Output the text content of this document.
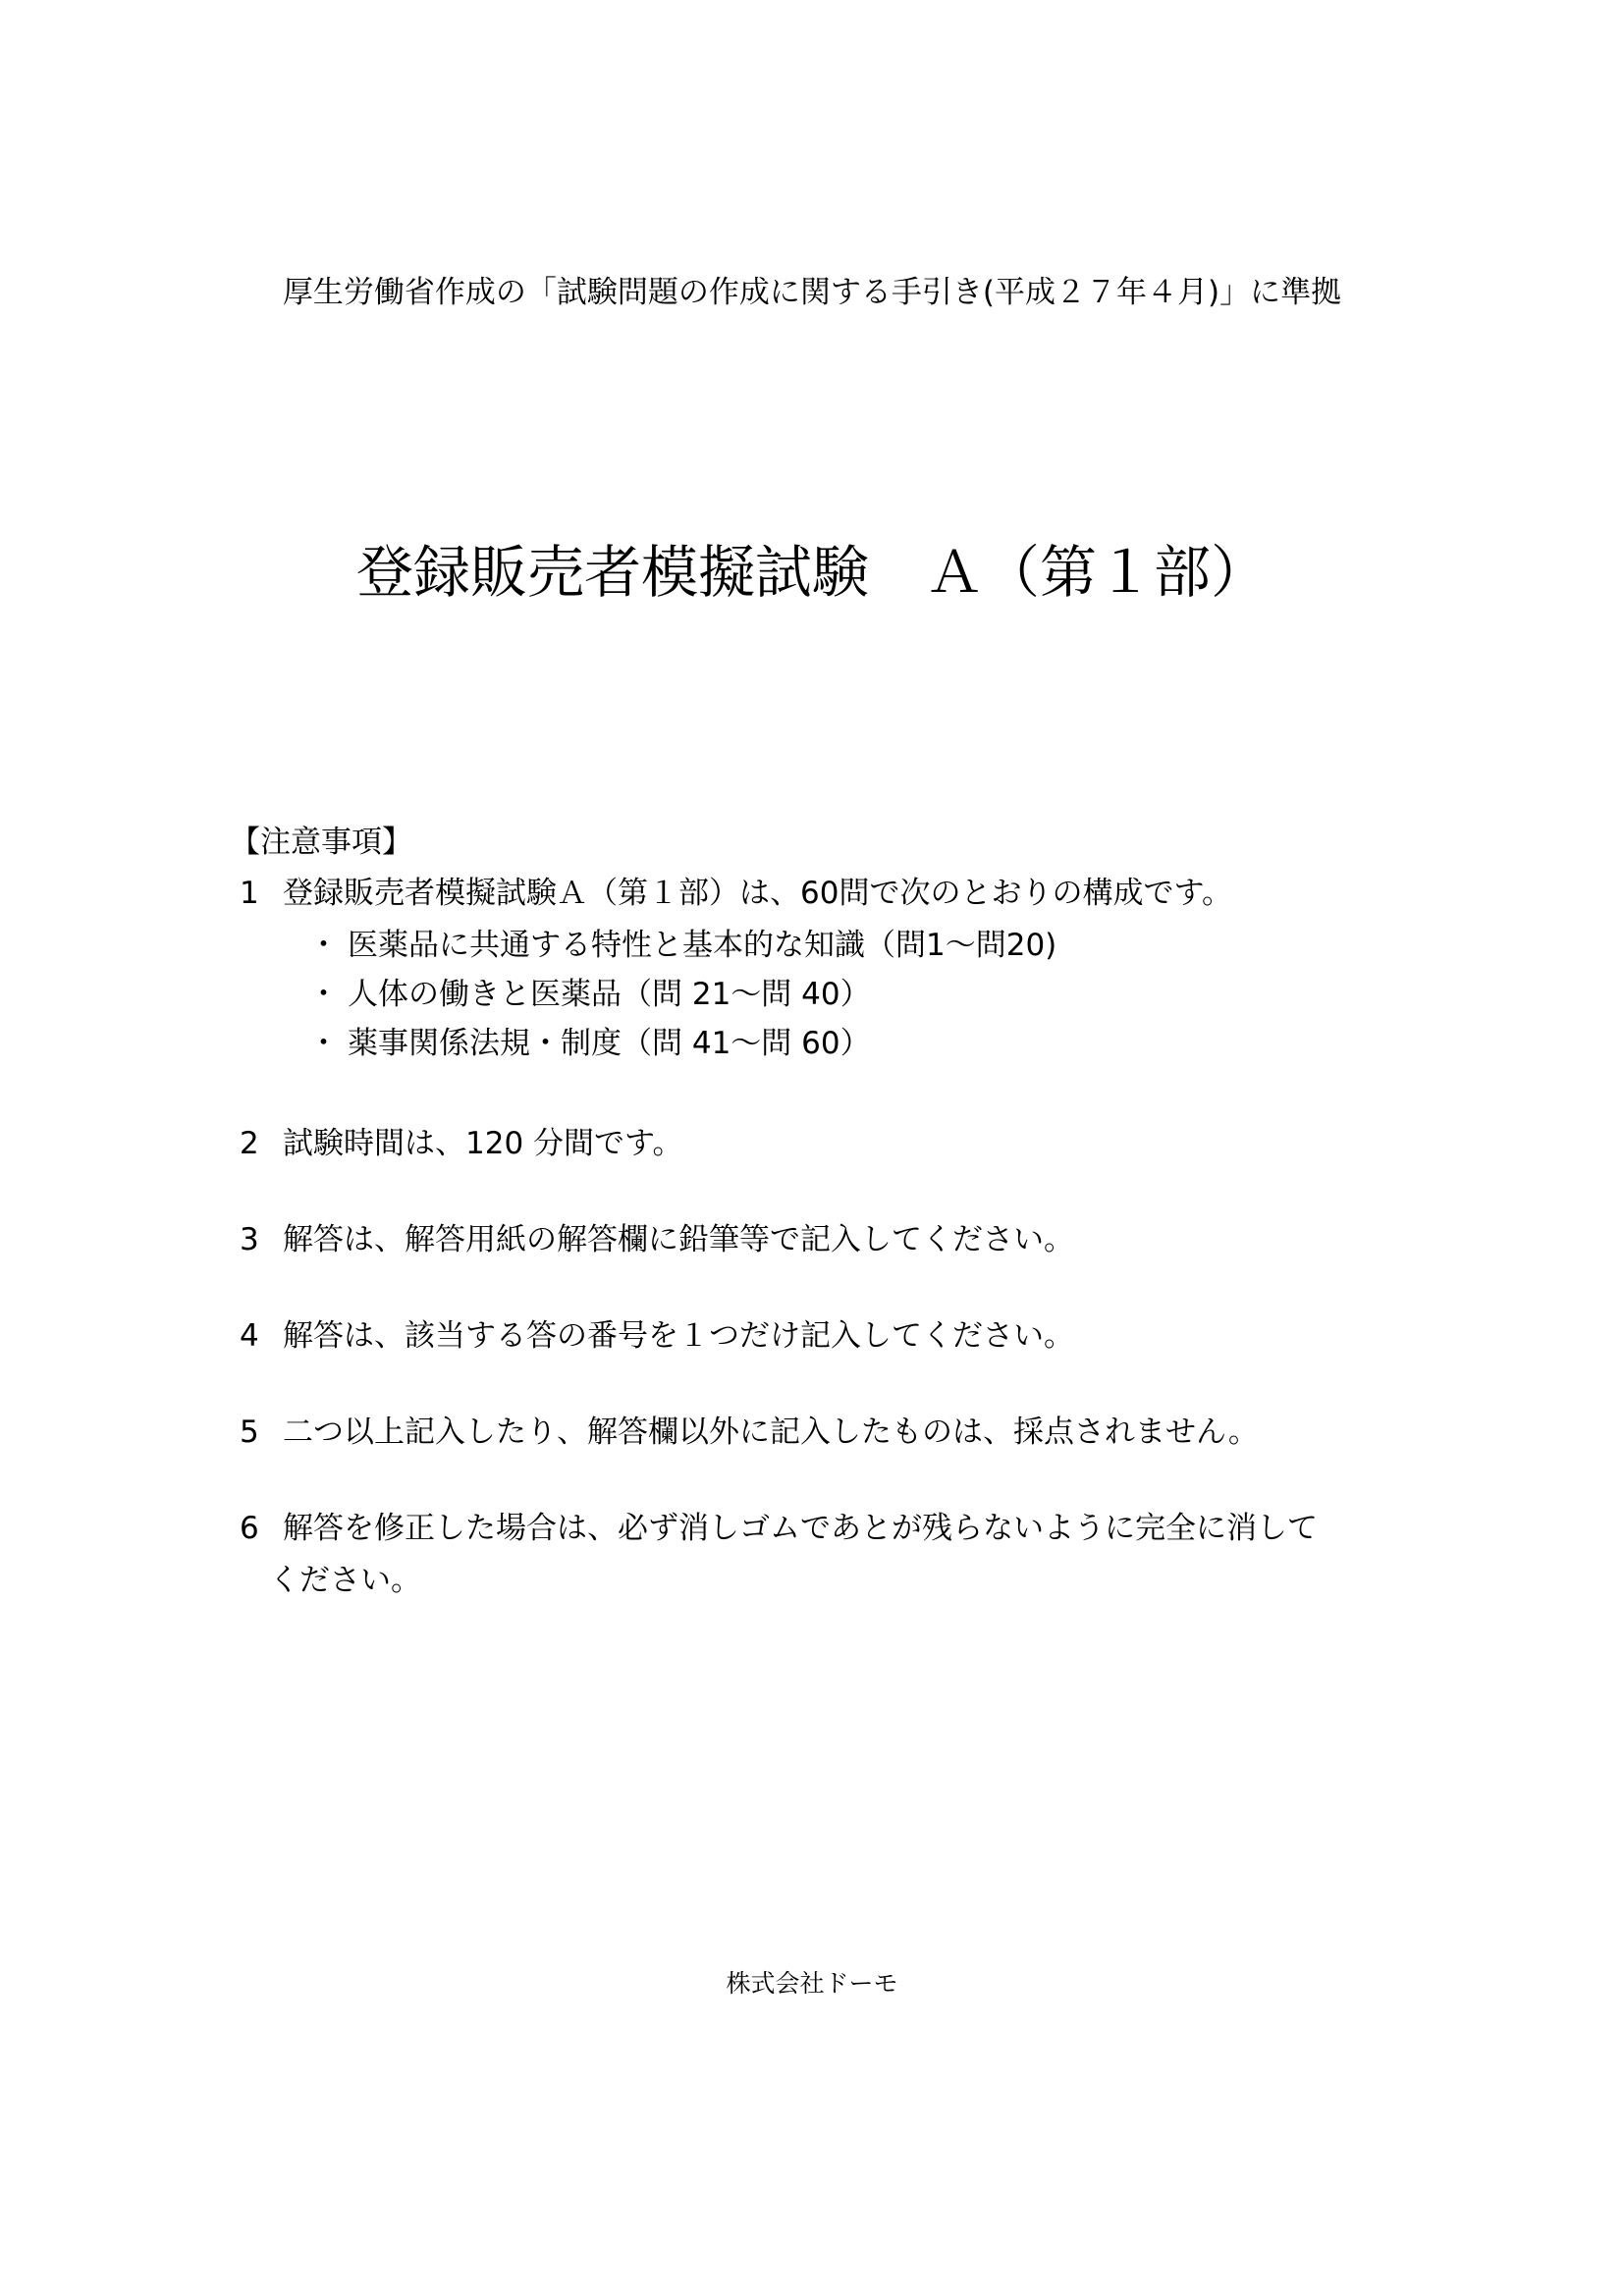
厚生労働省作成の「試験問題の作成に関する手引き(平成２７年４月)」に準拠
登録販売者模擬試験　Ａ（第１部）
【注意事項】
1 登録販売者模擬試験Ａ（第１部）は、60問で次のとおりの構成です。
・ 医薬品に共通する特性と基本的な知識（問1～問20)
・ 人体の働きと医薬品（問 21～問 40）
・ 薬事関係法規・制度（問 41～問 60）
2 試験時間は、120 分間です。
3 解答は、解答用紙の解答欄に鉛筆等で記入してください。
4 解答は、該当する答の番号を１つだけ記入してください。
5 二つ以上記入したり、解答欄以外に記入したものは、採点されません。
6 解答を修正した場合は、必ず消しゴムであとが残らないように完全に消して
ください。
株式会社ドーモ
